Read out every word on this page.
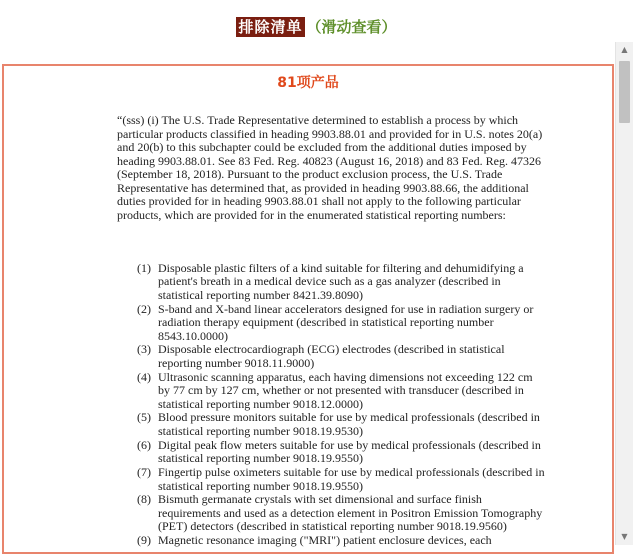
排除清单 （滑动查看）
81项产品
“(sss) (i) The U.S. Trade Representative determined to establish a process by which particular products classified in heading 9903.88.01 and provided for in U.S. notes 20(a) and 20(b) to this subchapter could be excluded from the additional duties imposed by heading 9903.88.01. See 83 Fed. Reg. 40823 (August 16, 2018) and 83 Fed. Reg. 47326 (September 18, 2018). Pursuant to the product exclusion process, the U.S. Trade Representative has determined that, as provided in heading 9903.88.66, the additional duties provided for in heading 9903.88.01 shall not apply to the following particular products, which are provided for in the enumerated statistical reporting numbers:
(1) Disposable plastic filters of a kind suitable for filtering and dehumidifying a patient's breath in a medical device such as a gas analyzer (described in statistical reporting number 8421.39.8090)
(2) S-band and X-band linear accelerators designed for use in radiation surgery or radiation therapy equipment (described in statistical reporting number 8543.10.0000)
(3) Disposable electrocardiograph (ECG) electrodes (described in statistical reporting number 9018.11.9000)
(4) Ultrasonic scanning apparatus, each having dimensions not exceeding 122 cm by 77 cm by 127 cm, whether or not presented with transducer (described in statistical reporting number 9018.12.0000)
(5) Blood pressure monitors suitable for use by medical professionals (described in statistical reporting number 9018.19.9530)
(6) Digital peak flow meters suitable for use by medical professionals (described in statistical reporting number 9018.19.9550)
(7) Fingertip pulse oximeters suitable for use by medical professionals (described in statistical reporting number 9018.19.9550)
(8) Bismuth germanate crystals with set dimensional and surface finish requirements and used as a detection element in Positron Emission Tomography (PET) detectors (described in statistical reporting number 9018.19.9560)
(9) Magnetic resonance imaging ("MRI") patient enclosure devices, each
▲
▼
